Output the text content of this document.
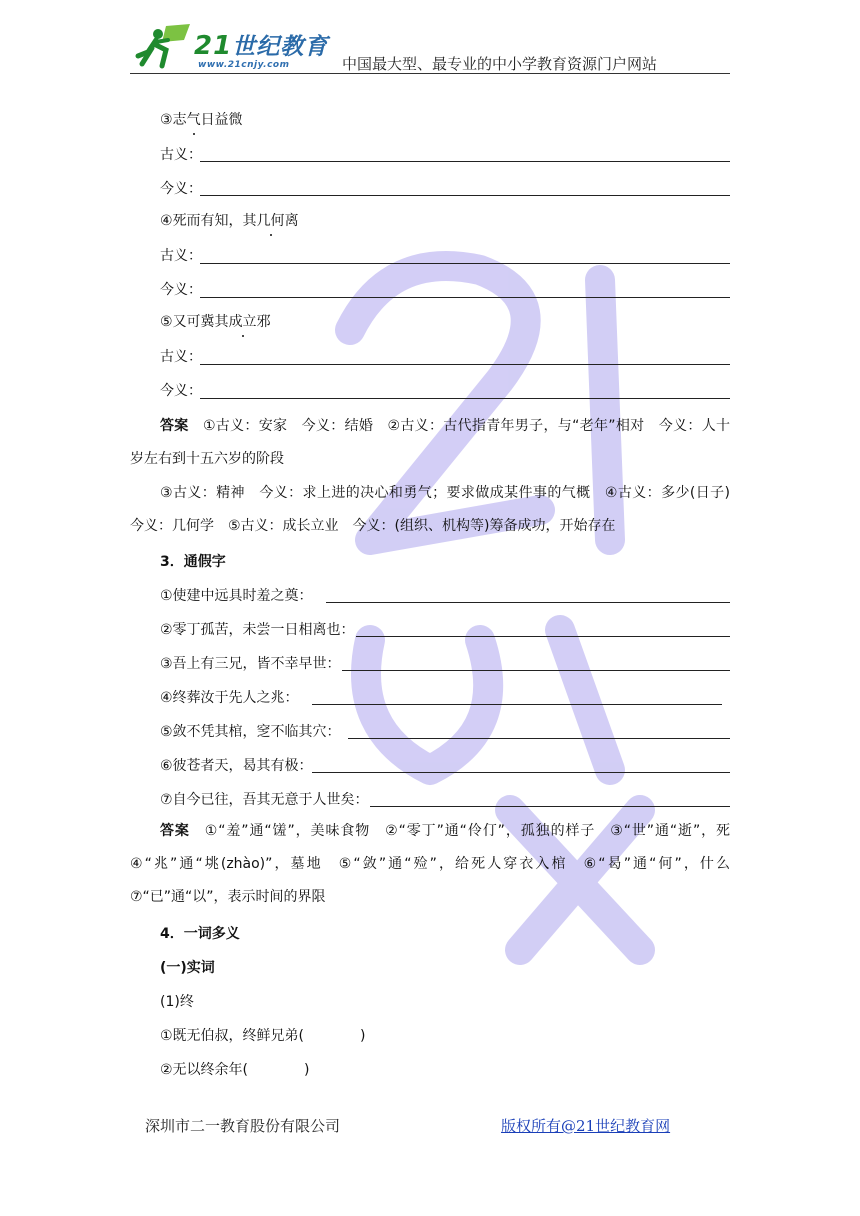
21世纪教育
www.21cnjy.com	中国最大型、最专业的中小学教育资源门户网站
③志气日益微
古义：
今义：
④死而有知，其几何离
古义：
今义：
⑤又可冀其成立邪
古义：
今义：
答案　 ①古义：安家　今义：结婚　②古义：古代指青年男子，与“老年”相对　今义：人十岁左右到十五六岁的阶段
③古义：精神　今义：求上进的决心和勇气；要求做成某件事的气概　④古义：多少(日子)　今义：几何学　⑤古义：成长立业　今义：(组织、机构等)筹备成功，开始存在
3．通假字
①使建中远具时羞之奠：
②零丁孤苦，未尝一日相离也：
③吾上有三兄，皆不幸早世：
④终葬汝于先人之兆：
⑤敛不凭其棺，窆不临其穴：
⑥彼苍者天，曷其有极：
⑦自今已往，吾其无意于人世矣：
答案　 ①“羞”通“馐”，美味食物　②“零丁”通“伶仃”，孤独的样子　③“世”通“逝”，死　④“兆”通“垗(zhào)”，墓地　⑤“敛”通“殓”，给死人穿衣入棺　⑥“曷”通“何”，什么　⑦“已”通“以”，表示时间的界限
4．一词多义
(一)实词
(1)终
①既无伯叔，终鲜兄弟(　　　　)
②无以终余年(　　　　)
深圳市二一教育股份有限公司	版权所有@21世纪教育网
